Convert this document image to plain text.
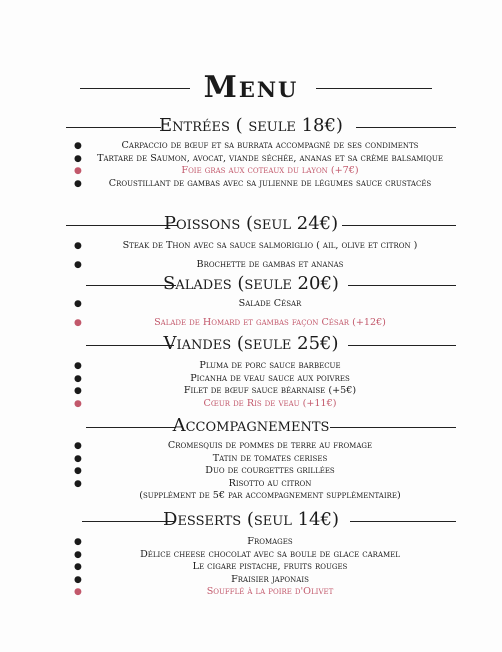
Menu
Entrées ( seule 18€)
●	Carpaccio de bœuf et sa burrata accompagné de ses condiments
● Tartare de Saumon, avocat, viande séchée, ananas et sa crème balsamique
●	Foie gras aux coteaux du layon (+7€)
●	Croustillant de gambas avec sa julienne de légumes sauce crustacés
Poissons (seul 24€)
●	Steak de Thon avec sa sauce salmoriglio ( ail, olive et citron )
●	Brochette de gambas et ananas
Salades (seule 20€)
●	Salade César
●	Salade de Homard et gambas façon César (+12€)
Viandes (seule 25€)
●	Pluma de porc sauce barbecue
●	Picanha de veau sauce aux poivres
●	Filet de bœuf sauce béarnaise (+5€)
●	Cœur de Ris de veau (+11€)
Accompagnements
●	Cromesquis de pommes de terre au fromage
●	Tatin de tomates cerises
●	Duo de courgettes grillées
●	Risotto au citron
(supplément de 5€ par accompagnement supplémentaire)
Desserts (seul 14€)
●	Fromages
●	Délice cheese chocolat avec sa boule de glace caramel
●	Le cigare pistache, fruits rouges
●	Fraisier japonais
●	Soufflé à la poire d'Olivet
